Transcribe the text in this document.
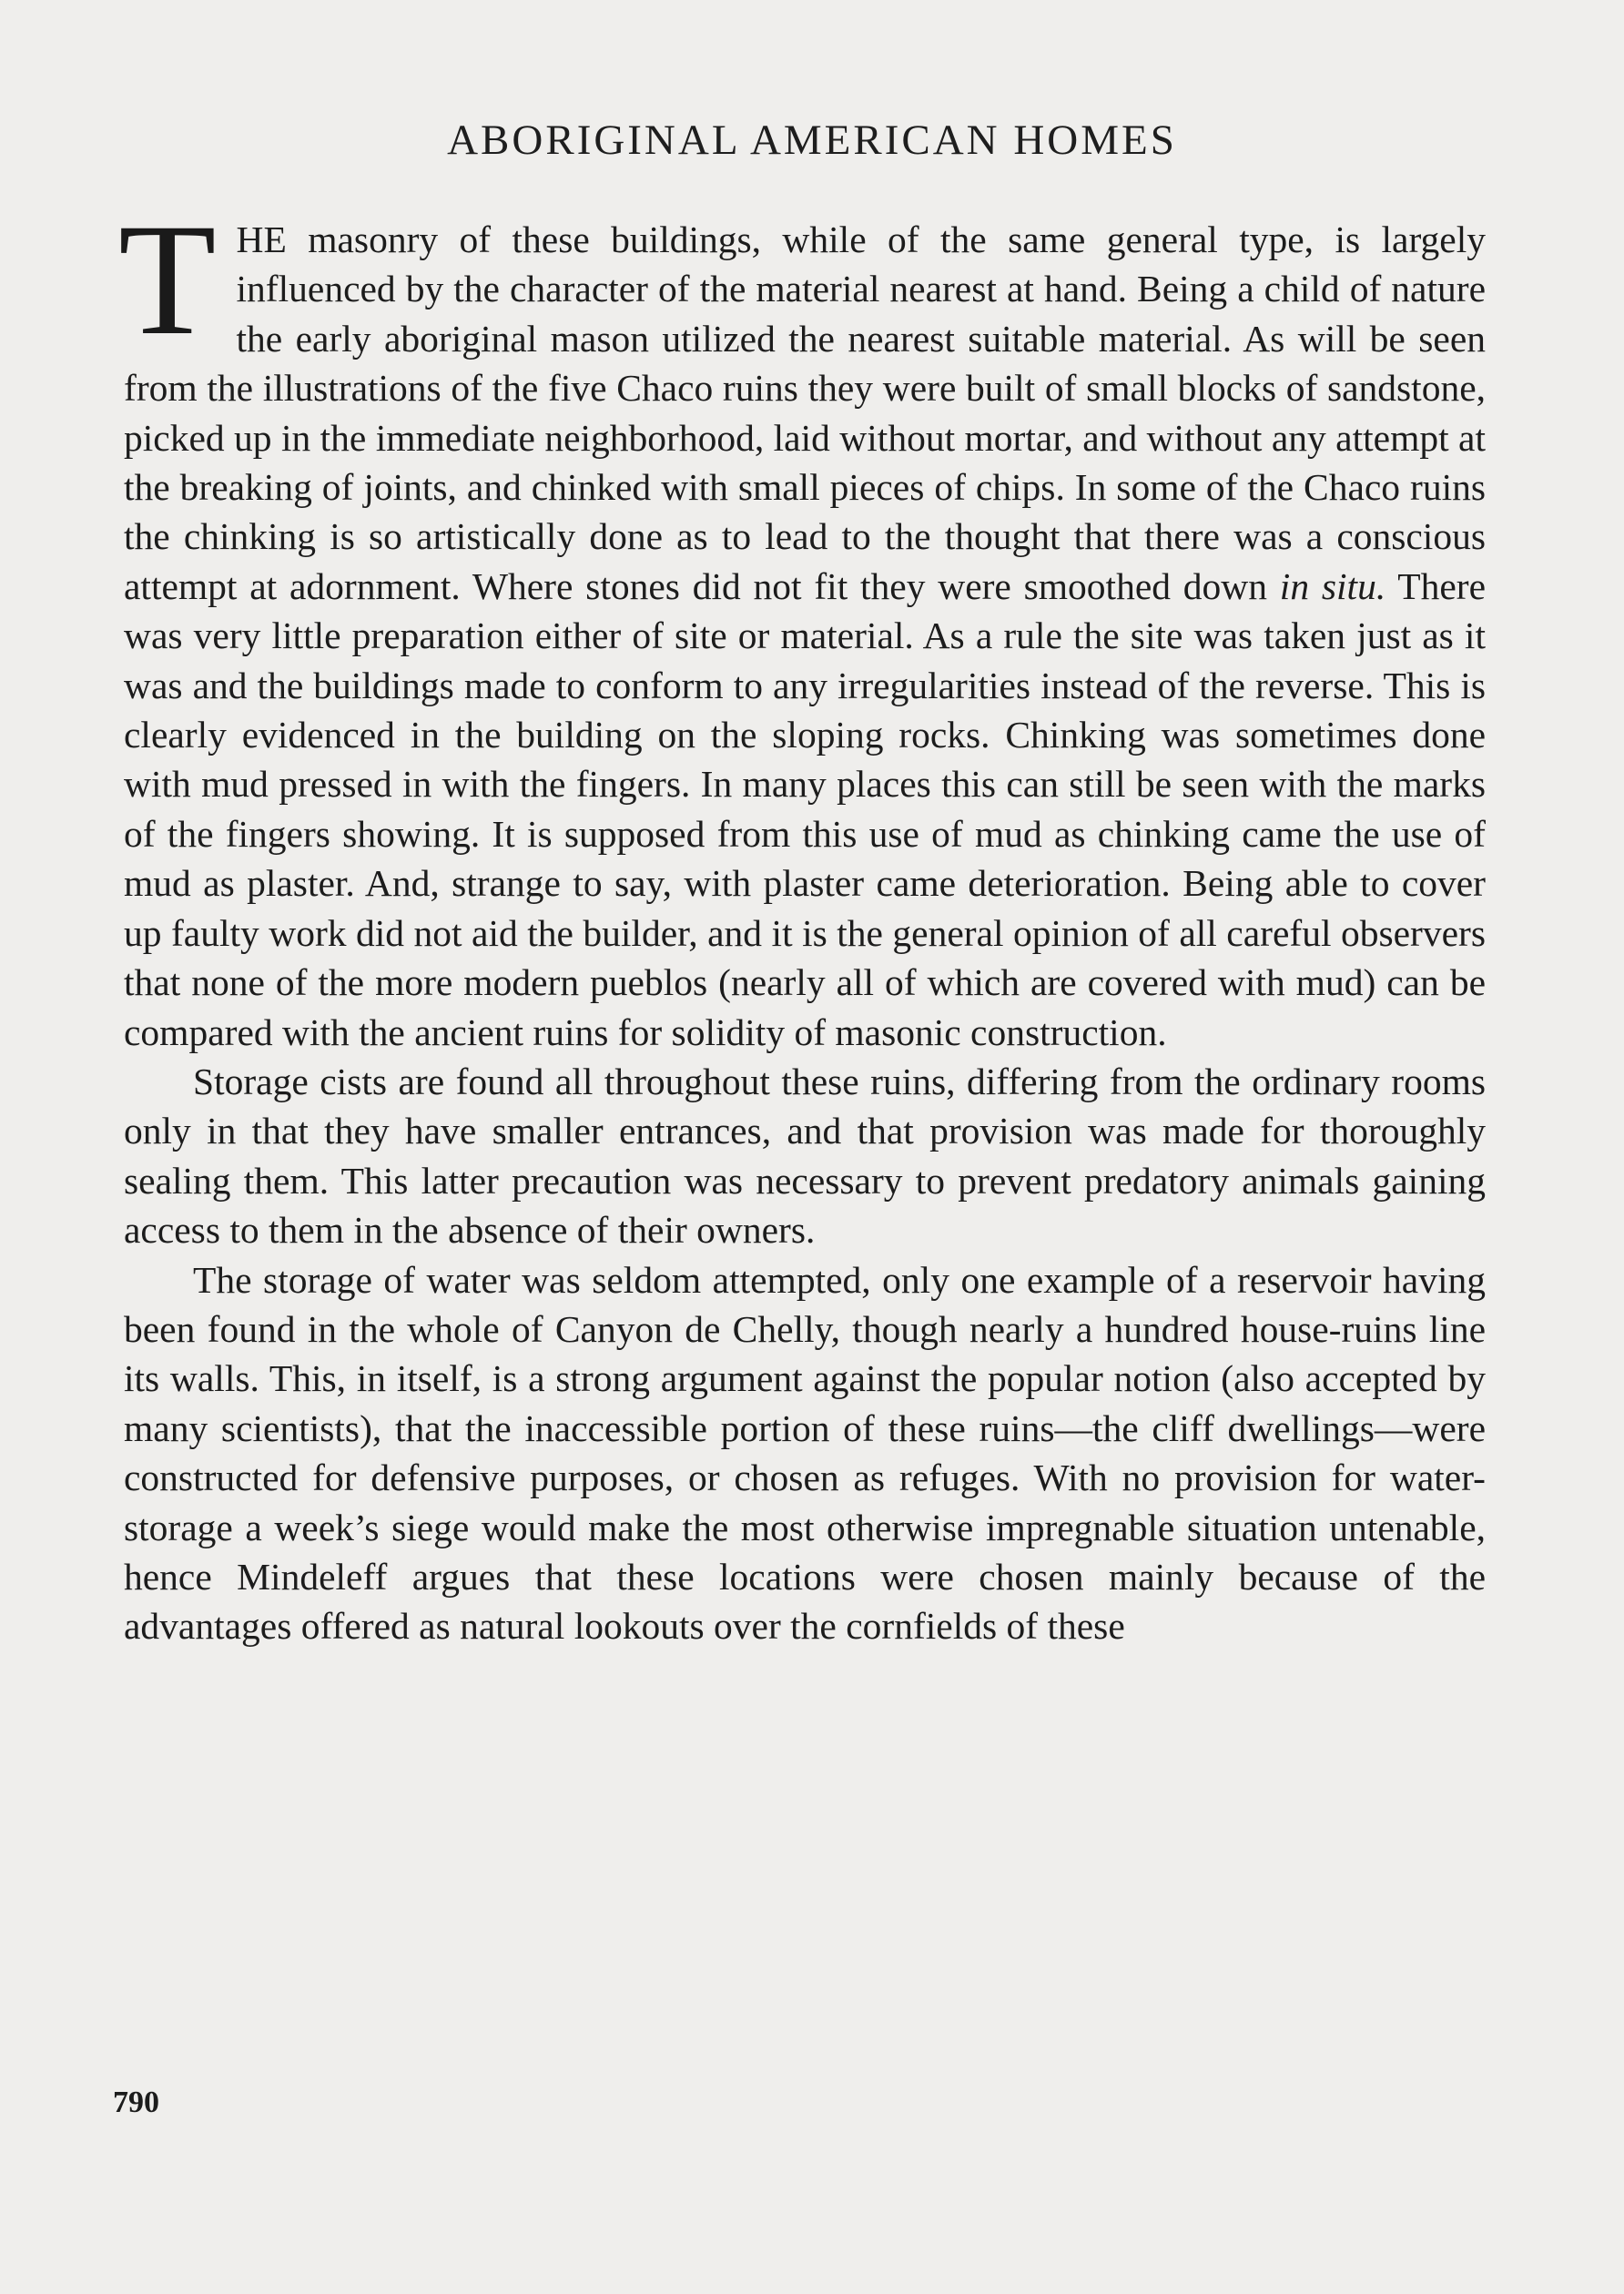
ABORIGINAL AMERICAN HOMES

THE masonry of these buildings, while of the same general type, is largely influenced by the character of the material nearest at hand. Being a child of nature the early aboriginal mason utilized the nearest suitable material. As will be seen from the illustrations of the five Chaco ruins they were built of small blocks of sandstone, picked up in the immediate neighborhood, laid without mortar, and without any attempt at the breaking of joints, and chinked with small pieces of chips. In some of the Chaco ruins the chinking is so artistically done as to lead to the thought that there was a conscious attempt at adornment. Where stones did not fit they were smoothed down in situ. There was very little preparation either of site or material. As a rule the site was taken just as it was and the buildings made to conform to any irregularities instead of the reverse. This is clearly evidenced in the building on the sloping rocks. Chinking was sometimes done with mud pressed in with the fingers. In many places this can still be seen with the marks of the fingers showing. It is supposed from this use of mud as chinking came the use of mud as plaster. And, strange to say, with plaster came deterioration. Being able to cover up faulty work did not aid the builder, and it is the general opinion of all careful observers that none of the more modern pueblos (nearly all of which are covered with mud) can be compared with the ancient ruins for solidity of masonic construction.

Storage cists are found all throughout these ruins, differing from the ordinary rooms only in that they have smaller entrances, and that provision was made for thoroughly sealing them. This latter precaution was necessary to prevent predatory animals gaining access to them in the absence of their owners.

The storage of water was seldom attempted, only one example of a reservoir having been found in the whole of Canyon de Chelly, though nearly a hundred house-ruins line its walls. This, in itself, is a strong argument against the popular notion (also accepted by many scientists), that the inaccessible portion of these ruins—the cliff dwellings—were constructed for defensive purposes, or chosen as refuges. With no provision for water-storage a week’s siege would make the most otherwise impregnable situation untenable, hence Mindeleff argues that these locations were chosen mainly because of the advantages offered as natural lookouts over the cornfields of these

790
